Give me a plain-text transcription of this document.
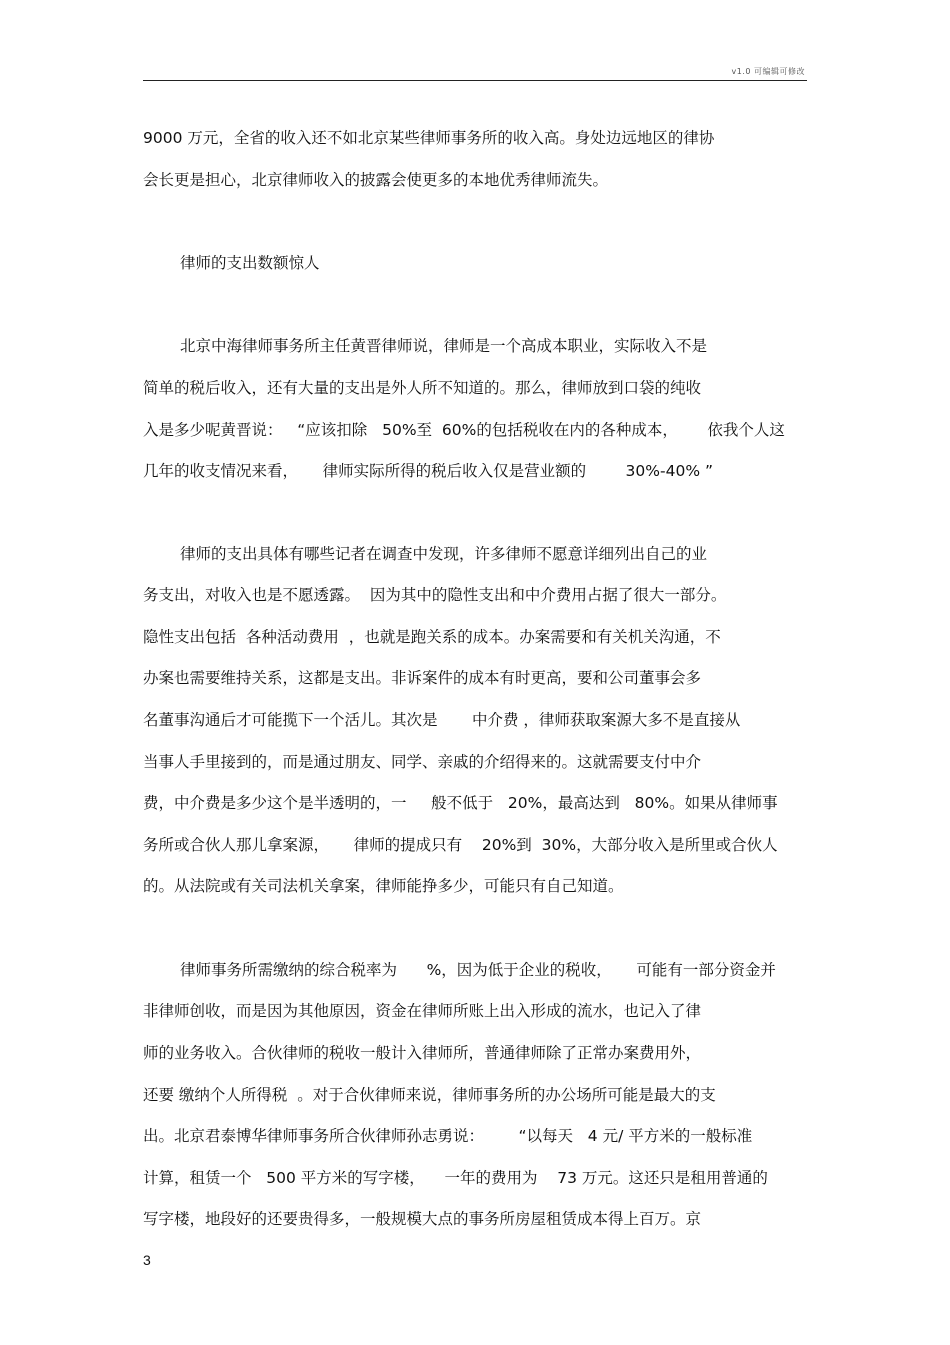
v1.0 可编辑可修改
9000 万元，全省的收入还不如北京某些律师事务所的收入高。身处边远地区的律协
会长更是担心，北京律师收入的披露会使更多的本地优秀律师流失。
律师的支出数额惊人
北京中海律师事务所主任黄晋律师说，律师是一个高成本职业，实际收入不是
简单的税后收入，还有大量的支出是外人所不知道的。那么，律师放到口袋的纯收
入是多少呢黄晋说：   “应该扣除   50%至  60%的包括税收在内的各种成本，      依我个人这
几年的收支情况来看，     律师实际所得的税后收入仅是营业额的        30%-40% ”
律师的支出具体有哪些记者在调查中发现，许多律师不愿意详细列出自己的业
务支出，对收入也是不愿透露。  因为其中的隐性支出和中介费用占据了很大一部分。
隐性支出包括  各种活动费用  ，也就是跑关系的成本。办案需要和有关机关沟通，不
办案也需要维持关系，这都是支出。非诉案件的成本有时更高，要和公司董事会多
名董事沟通后才可能揽下一个活儿。其次是       中介费 ，律师获取案源大多不是直接从
当事人手里接到的，而是通过朋友、同学、亲戚的介绍得来的。这就需要支付中介
费，中介费是多少这个是半透明的，一     般不低于   20%，最高达到   80%。如果从律师事
务所或合伙人那儿拿案源，     律师的提成只有    20%到  30%，大部分收入是所里或合伙人
的。从法院或有关司法机关拿案，律师能挣多少，可能只有自己知道。
律师事务所需缴纳的综合税率为      %，因为低于企业的税收，     可能有一部分资金并
非律师创收，而是因为其他原因，资金在律师所账上出入形成的流水，也记入了律
师的业务收入。合伙律师的税收一般计入律师所，普通律师除了正常办案费用外，
还要 缴纳个人所得税  。对于合伙律师来说，律师事务所的办公场所可能是最大的支
出。北京君泰博华律师事务所合伙律师孙志勇说：       “以每天   4 元/ 平方米的一般标准
计算，租赁一个   500 平方米的写字楼，    一年的费用为    73 万元。这还只是租用普通的
写字楼，地段好的还要贵得多，一般规模大点的事务所房屋租赁成本得上百万。京
3
